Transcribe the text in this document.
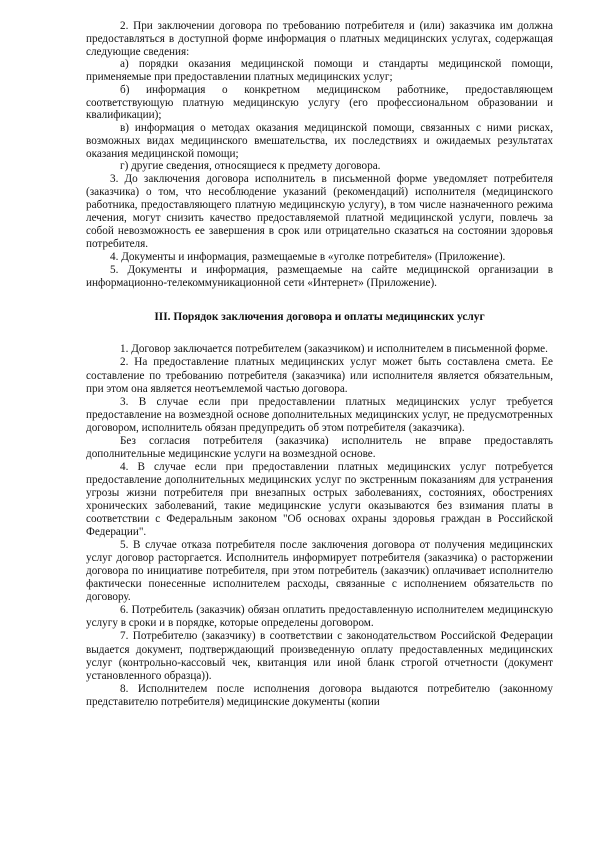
2. При заключении договора по требованию потребителя и (или) заказчика им должна предоставляться в доступной форме информация о платных медицинских услугах, содержащая следующие сведения:

а) порядки оказания медицинской помощи и стандарты медицинской помощи, применяемые при предоставлении платных медицинских услуг;

б) информация о конкретном медицинском работнике, предоставляющем соответствующую платную медицинскую услугу (его профессиональном образовании и квалификации);

в) информация о методах оказания медицинской помощи, связанных с ними рисках, возможных видах медицинского вмешательства, их последствиях и ожидаемых результатах оказания медицинской помощи;

г) другие сведения, относящиеся к предмету договора.

3. До заключения договора исполнитель в письменной форме уведомляет потребителя (заказчика) о том, что несоблюдение указаний (рекомендаций) исполнителя (медицинского работника, предоставляющего платную медицинскую услугу), в том числе назначенного режима лечения, могут снизить качество предоставляемой платной медицинской услуги, повлечь за собой невозможность ее завершения в срок или отрицательно сказаться на состоянии здоровья потребителя.

4. Документы и информация, размещаемые в «уголке потребителя» (Приложение).

5. Документы и информация, размещаемые на сайте медицинской организации в информационно-телекоммуникационной сети «Интернет» (Приложение).

III. Порядок заключения договора и оплаты медицинских услуг

1. Договор заключается потребителем (заказчиком) и исполнителем в письменной форме.

2. На предоставление платных медицинских услуг может быть составлена смета. Ее составление по требованию потребителя (заказчика) или исполнителя является обязательным, при этом она является неотъемлемой частью договора.

3. В случае если при предоставлении платных медицинских услуг требуется предоставление на возмездной основе дополнительных медицинских услуг, не предусмотренных договором, исполнитель обязан предупредить об этом потребителя (заказчика).

Без согласия потребителя (заказчика) исполнитель не вправе предоставлять дополнительные медицинские услуги на возмездной основе.

4. В случае если при предоставлении платных медицинских услуг потребуется предоставление дополнительных медицинских услуг по экстренным показаниям для устранения угрозы жизни потребителя при внезапных острых заболеваниях, состояниях, обострениях хронических заболеваний, такие медицинские услуги оказываются без взимания платы в соответствии с Федеральным законом "Об основах охраны здоровья граждан в Российской Федерации".

5. В случае отказа потребителя после заключения договора от получения медицинских услуг договор расторгается. Исполнитель информирует потребителя (заказчика) о расторжении договора по инициативе потребителя, при этом потребитель (заказчик) оплачивает исполнителю фактически понесенные исполнителем расходы, связанные с исполнением обязательств по договору.

6. Потребитель (заказчик) обязан оплатить предоставленную исполнителем медицинскую услугу в сроки и в порядке, которые определены договором.

7. Потребителю (заказчику) в соответствии с законодательством Российской Федерации выдается документ, подтверждающий произведенную оплату предоставленных медицинских услуг (контрольно-кассовый чек, квитанция или иной бланк строгой отчетности (документ установленного образца)).

8. Исполнителем после исполнения договора выдаются потребителю (законному представителю потребителя) медицинские документы (копии
